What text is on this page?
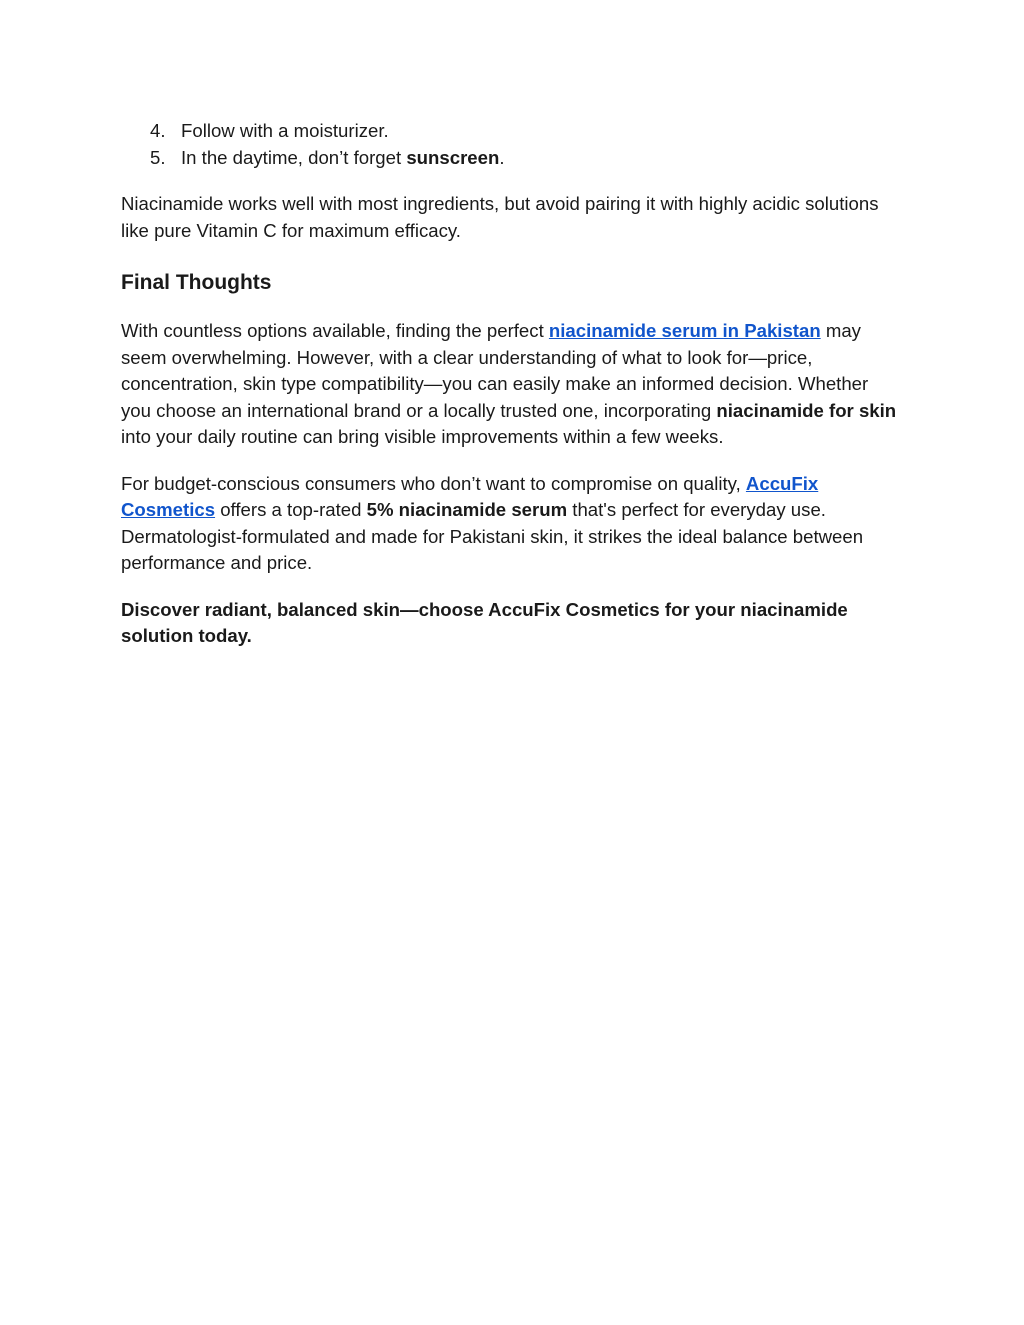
4. Follow with a moisturizer.
5. In the daytime, don’t forget sunscreen.

Niacinamide works well with most ingredients, but avoid pairing it with highly acidic solutions like pure Vitamin C for maximum efficacy.

Final Thoughts

With countless options available, finding the perfect niacinamide serum in Pakistan may seem overwhelming. However, with a clear understanding of what to look for—price, concentration, skin type compatibility—you can easily make an informed decision. Whether you choose an international brand or a locally trusted one, incorporating niacinamide for skin into your daily routine can bring visible improvements within a few weeks.

For budget-conscious consumers who don’t want to compromise on quality, AccuFix Cosmetics offers a top-rated 5% niacinamide serum that's perfect for everyday use. Dermatologist-formulated and made for Pakistani skin, it strikes the ideal balance between performance and price.

Discover radiant, balanced skin—choose AccuFix Cosmetics for your niacinamide solution today.
